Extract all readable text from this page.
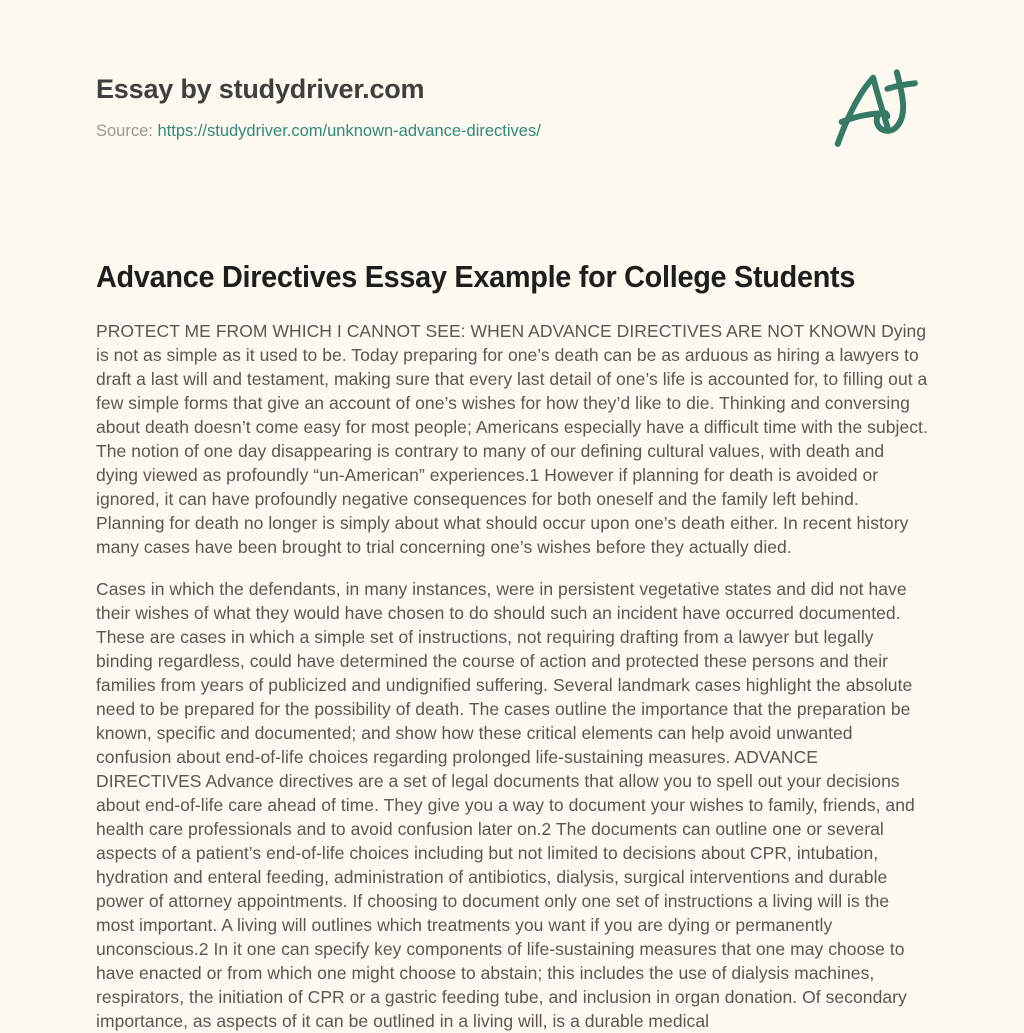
Essay by studydriver.com

Source: https://studydriver.com/unknown-advance-directives/

Advance Directives Essay Example for College Students

PROTECT ME FROM WHICH I CANNOT SEE: WHEN ADVANCE DIRECTIVES ARE NOT KNOWN Dying is not as simple as it used to be. Today preparing for one’s death can be as arduous as hiring a lawyers to draft a last will and testament, making sure that every last detail of one’s life is accounted for, to filling out a few simple forms that give an account of one’s wishes for how they’d like to die. Thinking and conversing about death doesn’t come easy for most people; Americans especially have a difficult time with the subject. The notion of one day disappearing is contrary to many of our defining cultural values, with death and dying viewed as profoundly “un-American” experiences.1 However if planning for death is avoided or ignored, it can have profoundly negative consequences for both oneself and the family left behind. Planning for death no longer is simply about what should occur upon one’s death either. In recent history many cases have been brought to trial concerning one’s wishes before they actually died.

Cases in which the defendants, in many instances, were in persistent vegetative states and did not have their wishes of what they would have chosen to do should such an incident have occurred documented. These are cases in which a simple set of instructions, not requiring drafting from a lawyer but legally binding regardless, could have determined the course of action and protected these persons and their families from years of publicized and undignified suffering. Several landmark cases highlight the absolute need to be prepared for the possibility of death. The cases outline the importance that the preparation be known, specific and documented; and show how these critical elements can help avoid unwanted confusion about end-of-life choices regarding prolonged life-sustaining measures. ADVANCE DIRECTIVES Advance directives are a set of legal documents that allow you to spell out your decisions about end-of-life care ahead of time. They give you a way to document your wishes to family, friends, and health care professionals and to avoid confusion later on.2 The documents can outline one or several aspects of a patient’s end-of-life choices including but not limited to decisions about CPR, intubation, hydration and enteral feeding, administration of antibiotics, dialysis, surgical interventions and durable power of attorney appointments. If choosing to document only one set of instructions a living will is the most important. A living will outlines which treatments you want if you are dying or permanently unconscious.2 In it one can specify key components of life-sustaining measures that one may choose to have enacted or from which one might choose to abstain; this includes the use of dialysis machines, respirators, the initiation of CPR or a gastric feeding tube, and inclusion in organ donation. Of secondary importance, as aspects of it can be outlined in a living will, is a durable medical
